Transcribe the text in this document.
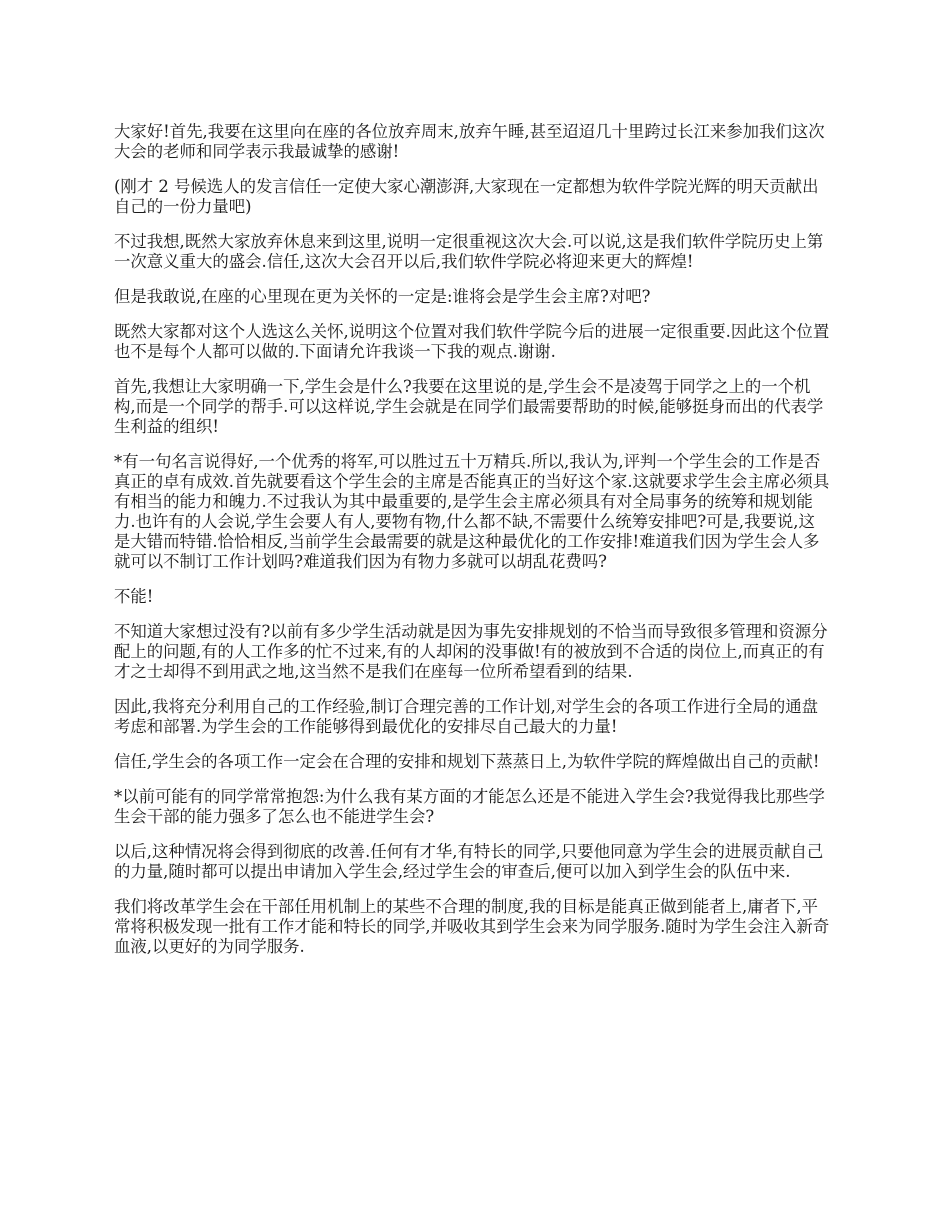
大家好!首先,我要在这里向在座的各位放弃周末,放弃午睡,甚至迢迢几十里跨过长江来参加我们这次大会的老师和同学表示我最诚挚的感谢!

(刚才 2 号候选人的发言信任一定使大家心潮澎湃,大家现在一定都想为软件学院光辉的明天贡献出自己的一份力量吧)

不过我想,既然大家放弃休息来到这里,说明一定很重视这次大会.可以说,这是我们软件学院历史上第一次意义重大的盛会.信任,这次大会召开以后,我们软件学院必将迎来更大的辉煌!

但是我敢说,在座的心里现在更为关怀的一定是:谁将会是学生会主席?对吧?

既然大家都对这个人选这么关怀,说明这个位置对我们软件学院今后的进展一定很重要.因此这个位置也不是每个人都可以做的.下面请允许我谈一下我的观点.谢谢.

首先,我想让大家明确一下,学生会是什么?我要在这里说的是,学生会不是凌驾于同学之上的一个机构,而是一个同学的帮手.可以这样说,学生会就是在同学们最需要帮助的时候,能够挺身而出的代表学生利益的组织!

*有一句名言说得好,一个优秀的将军,可以胜过五十万精兵.所以,我认为,评判一个学生会的工作是否真正的卓有成效.首先就要看这个学生会的主席是否能真正的当好这个家.这就要求学生会主席必须具有相当的能力和魄力.不过我认为其中最重要的,是学生会主席必须具有对全局事务的统筹和规划能力.也许有的人会说,学生会要人有人,要物有物,什么都不缺,不需要什么统筹安排吧?可是,我要说,这是大错而特错.恰恰相反,当前学生会最需要的就是这种最优化的工作安排!难道我们因为学生会人多就可以不制订工作计划吗?难道我们因为有物力多就可以胡乱花费吗?

不能!

不知道大家想过没有?以前有多少学生活动就是因为事先安排规划的不恰当而导致很多管理和资源分配上的问题,有的人工作多的忙不过来,有的人却闲的没事做!有的被放到不合适的岗位上,而真正的有才之士却得不到用武之地,这当然不是我们在座每一位所希望看到的结果.

因此,我将充分利用自己的工作经验,制订合理完善的工作计划,对学生会的各项工作进行全局的通盘考虑和部署.为学生会的工作能够得到最优化的安排尽自己最大的力量!

信任,学生会的各项工作一定会在合理的安排和规划下蒸蒸日上,为软件学院的辉煌做出自己的贡献!

*以前可能有的同学常常抱怨:为什么我有某方面的才能怎么还是不能进入学生会?我觉得我比那些学生会干部的能力强多了怎么也不能进学生会?

以后,这种情况将会得到彻底的改善.任何有才华,有特长的同学,只要他同意为学生会的进展贡献自己的力量,随时都可以提出申请加入学生会,经过学生会的审查后,便可以加入到学生会的队伍中来.

我们将改革学生会在干部任用机制上的某些不合理的制度,我的目标是能真正做到能者上,庸者下,平常将积极发现一批有工作才能和特长的同学,并吸收其到学生会来为同学服务.随时为学生会注入新奇血液,以更好的为同学服务.
